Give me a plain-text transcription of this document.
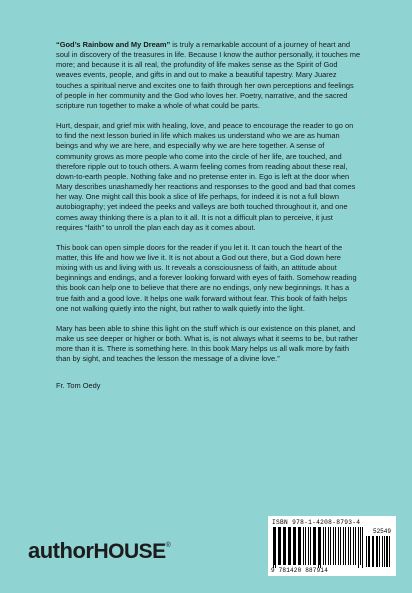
“God’s Rainbow and My Dream” is truly a remarkable account of a journey of heart and soul in discovery of the treasures in life. Because I know the author personally, it touches me more; and because it is all real, the profundity of life makes sense as the Spirit of God weaves events, people, and gifts in and out to make a beautiful tapestry. Mary Juarez touches a spiritual nerve and excites one to faith through her own perceptions and feelings of people in her community and the God who loves her. Poetry, narrative, and the sacred scripture run together to make a whole of what could be parts.

Hurt, despair, and grief mix with healing, love, and peace to encourage the reader to go on to find the next lesson buried in life which makes us understand who we are as human beings and why we are here, and especially why we are here together. A sense of community grows as more people who come into the circle of her life, are touched, and therefore ripple out to touch others. A warm feeling comes from reading about these real, down-to-earth people. Nothing fake and no pretense enter in. Ego is left at the door when Mary describes unashamedly her reactions and responses to the good and bad that comes her way. One might call this book a slice of life perhaps, for indeed it is not a full blown autobiography; yet indeed the peeks and valleys are both touched throughout it, and one comes away thinking there is a plan to it all. It is not a difficult plan to perceive, it just requires “faith” to unroll the plan each day as it comes about.

This book can open simple doors for the reader if you let it. It can touch the heart of the matter, this life and how we live it. It is not about a God out there, but a God down here mixing with us and living with us. It reveals a consciousness of faith, an attitude about beginnings and endings, and a forever looking forward with eyes of faith. Somehow reading this book can help one to believe that there are no endings, only new beginnings. It has a true faith and a good love. It helps one walk forward without fear. This book of faith helps one not walking quietly into the night, but rather to walk quietly into the light.

Mary has been able to shine this light on the stuff which is our existence on this planet, and make us see deeper or higher or both. What is, is not always what it seems to be, but rather more than it is. There is something here. In this book Mary helps us all walk more by faith than by sight, and teaches the lesson the message of a divine love.”

Fr. Tom Oedy

ISBN 978-1-4208-8793-4
52549
9 781420 887914
authorHOUSE®
